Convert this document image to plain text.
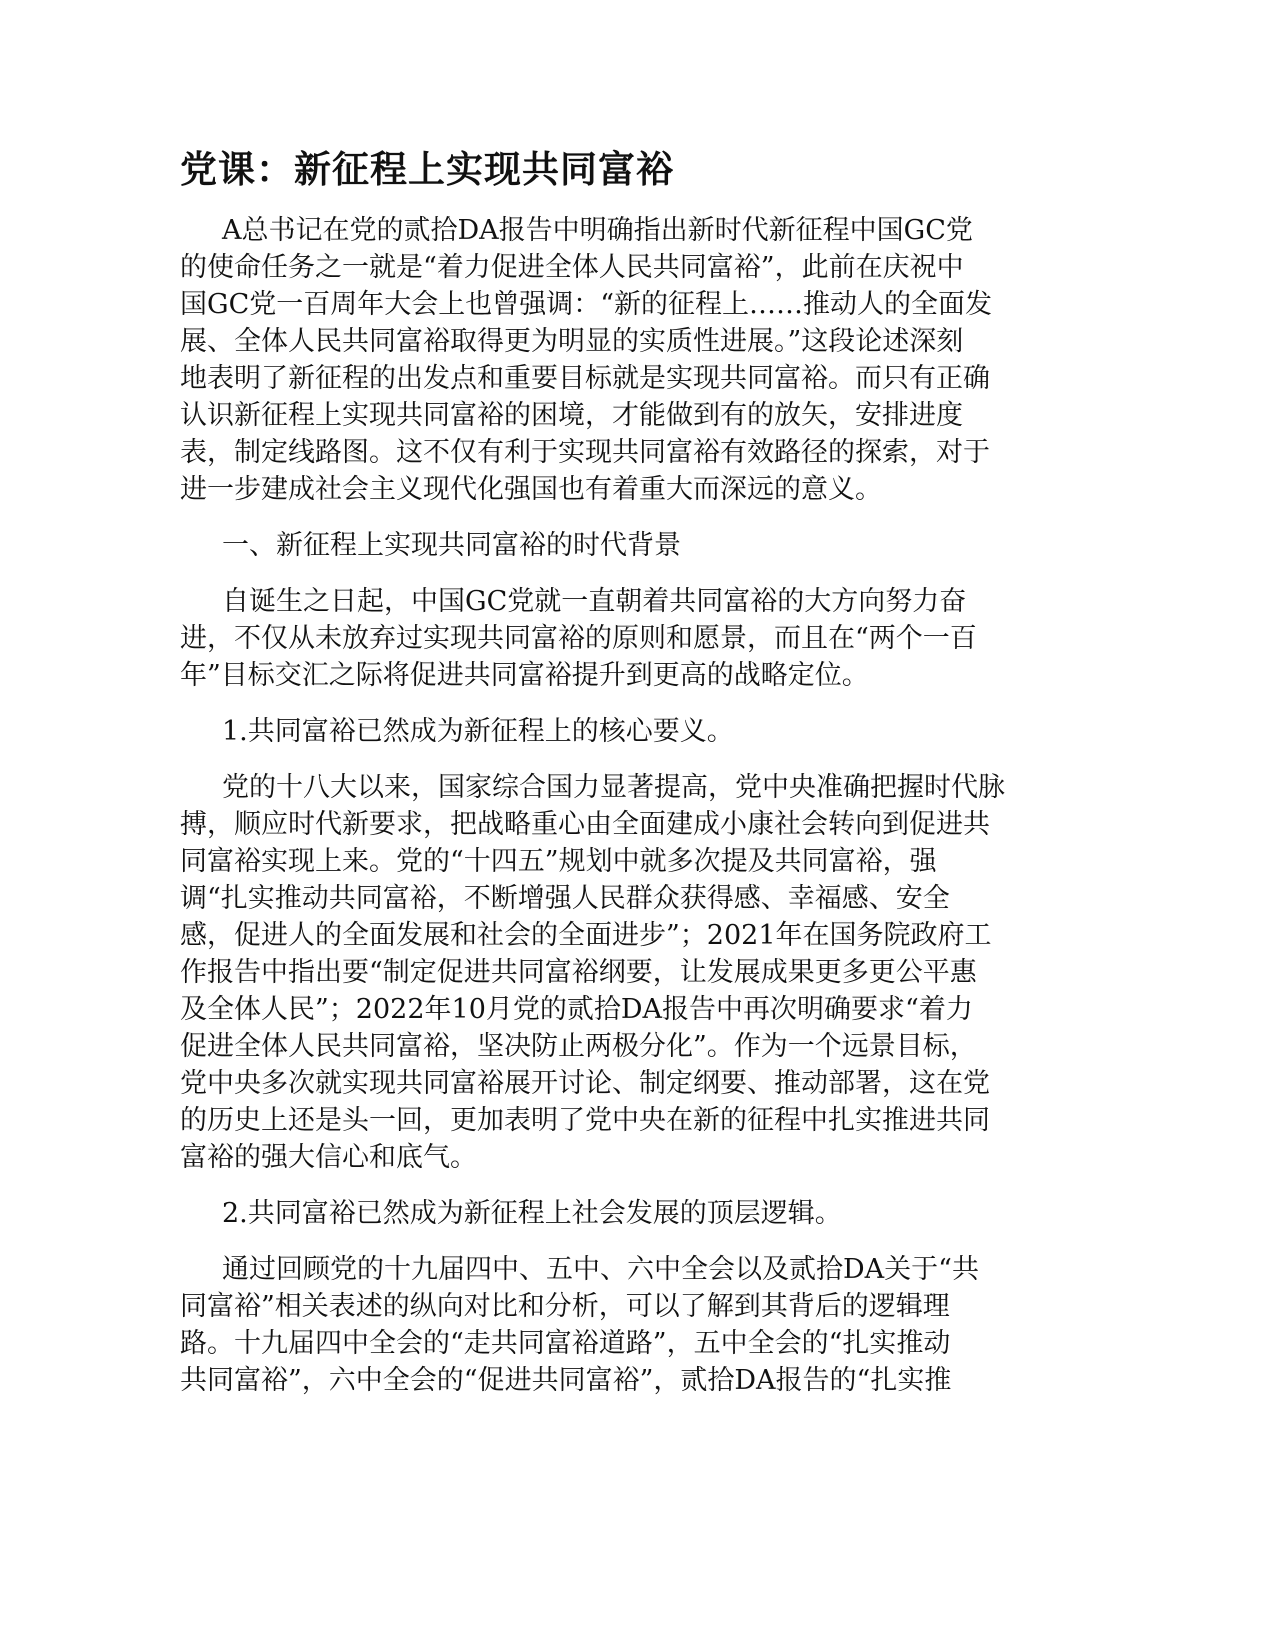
党课：新征程上实现共同富裕
A总书记在党的贰拾DA报告中明确指出新时代新征程中国GC党
的使命任务之一就是“着力促进全体人民共同富裕”，此前在庆祝中
国GC党一百周年大会上也曾强调：“新的征程上……推动人的全面发
展、全体人民共同富裕取得更为明显的实质性进展。”这段论述深刻
地表明了新征程的出发点和重要目标就是实现共同富裕。而只有正确
认识新征程上实现共同富裕的困境，才能做到有的放矢，安排进度
表，制定线路图。这不仅有利于实现共同富裕有效路径的探索，对于
进一步建成社会主义现代化强国也有着重大而深远的意义。
一、新征程上实现共同富裕的时代背景
自诞生之日起，中国GC党就一直朝着共同富裕的大方向努力奋
进，不仅从未放弃过实现共同富裕的原则和愿景，而且在“两个一百
年”目标交汇之际将促进共同富裕提升到更高的战略定位。
1.共同富裕已然成为新征程上的核心要义。
党的十八大以来，国家综合国力显著提高，党中央准确把握时代脉
搏，顺应时代新要求，把战略重心由全面建成小康社会转向到促进共
同富裕实现上来。党的“十四五”规划中就多次提及共同富裕，强
调“扎实推动共同富裕，不断增强人民群众获得感、幸福感、安全
感，促进人的全面发展和社会的全面进步”；2021年在国务院政府工
作报告中指出要“制定促进共同富裕纲要，让发展成果更多更公平惠
及全体人民”；2022年10月党的贰拾DA报告中再次明确要求“着力
促进全体人民共同富裕，坚决防止两极分化”。作为一个远景目标，
党中央多次就实现共同富裕展开讨论、制定纲要、推动部署，这在党
的历史上还是头一回，更加表明了党中央在新的征程中扎实推进共同
富裕的强大信心和底气。
2.共同富裕已然成为新征程上社会发展的顶层逻辑。
通过回顾党的十九届四中、五中、六中全会以及贰拾DA关于“共
同富裕”相关表述的纵向对比和分析，可以了解到其背后的逻辑理
路。十九届四中全会的“走共同富裕道路”，五中全会的“扎实推动
共同富裕”，六中全会的“促进共同富裕”，贰拾DA报告的“扎实推
